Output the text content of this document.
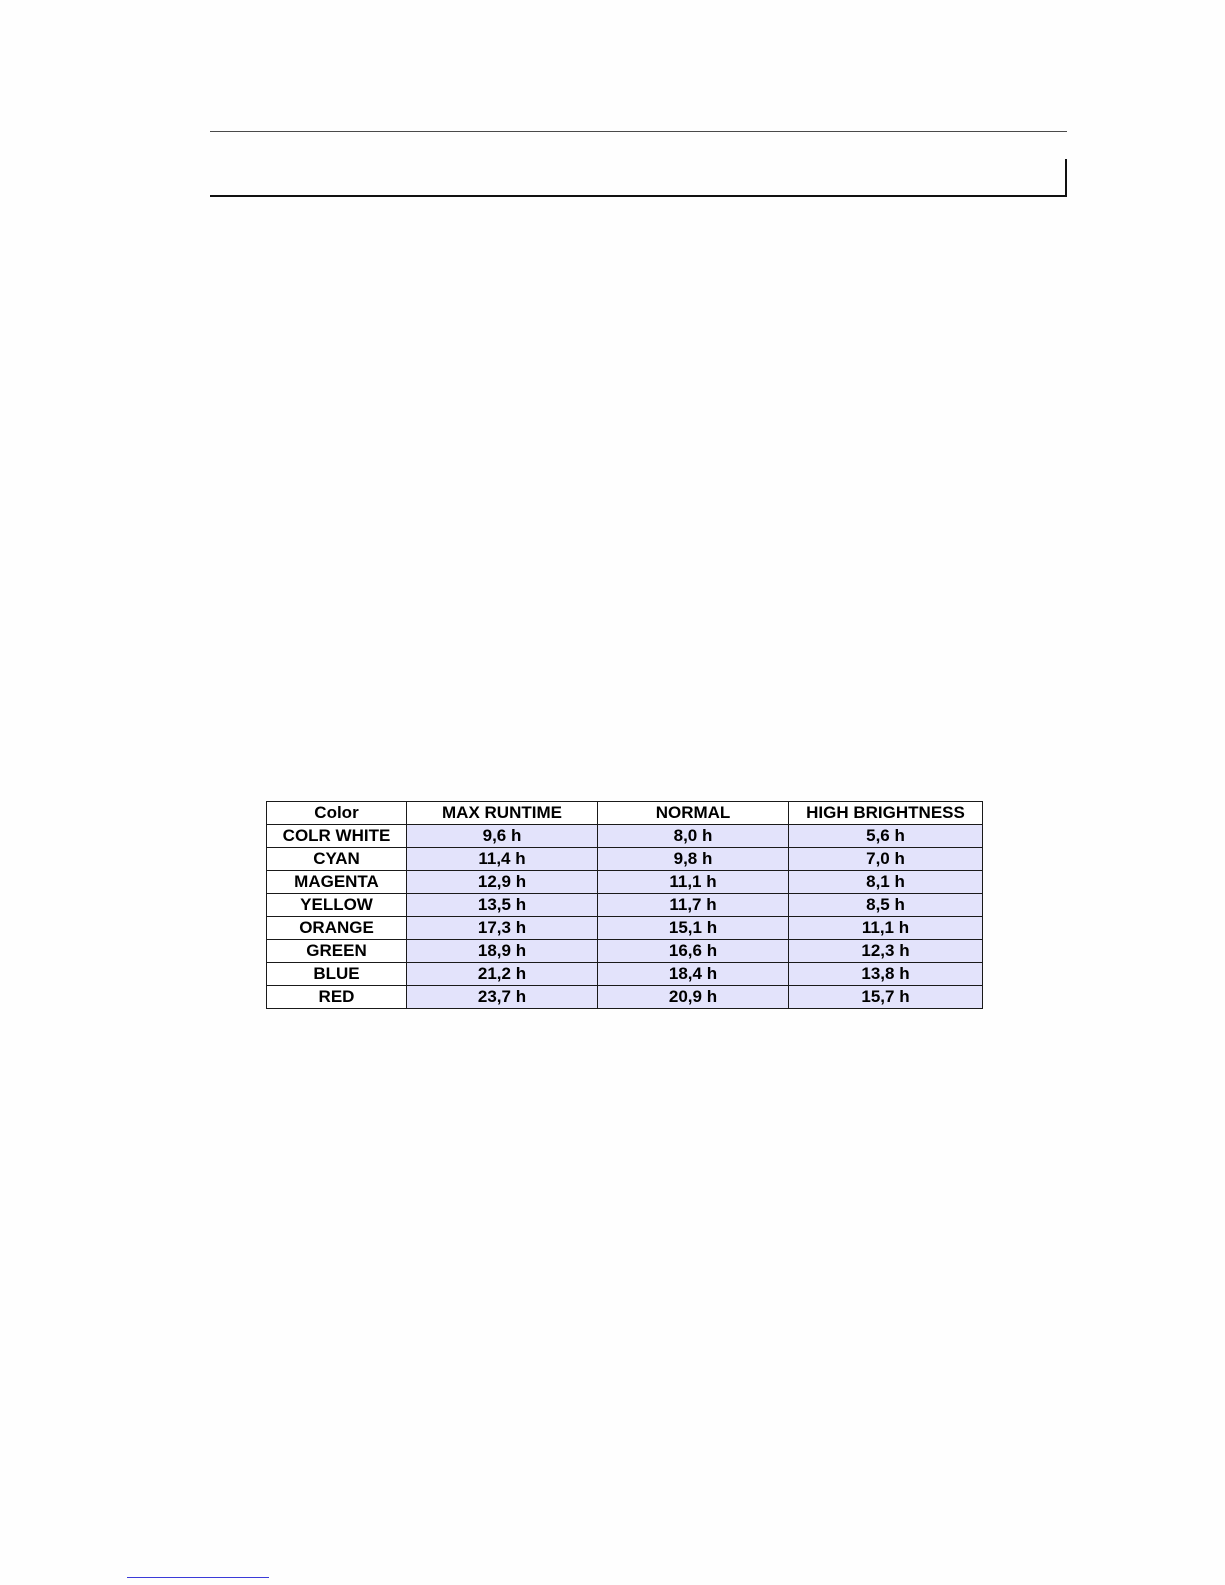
Color	MAX RUNTIME	NORMAL	HIGH BRIGHTNESS
COLR WHITE	9,6 h	8,0 h	5,6 h
CYAN	11,4 h	9,8 h	7,0 h
MAGENTA	12,9 h	11,1 h	8,1 h
YELLOW	13,5 h	11,7 h	8,5 h
ORANGE	17,3 h	15,1 h	11,1 h
GREEN	18,9 h	16,6 h	12,3 h
BLUE	21,2 h	18,4 h	13,8 h
RED	23,7 h	20,9 h	15,7 h
